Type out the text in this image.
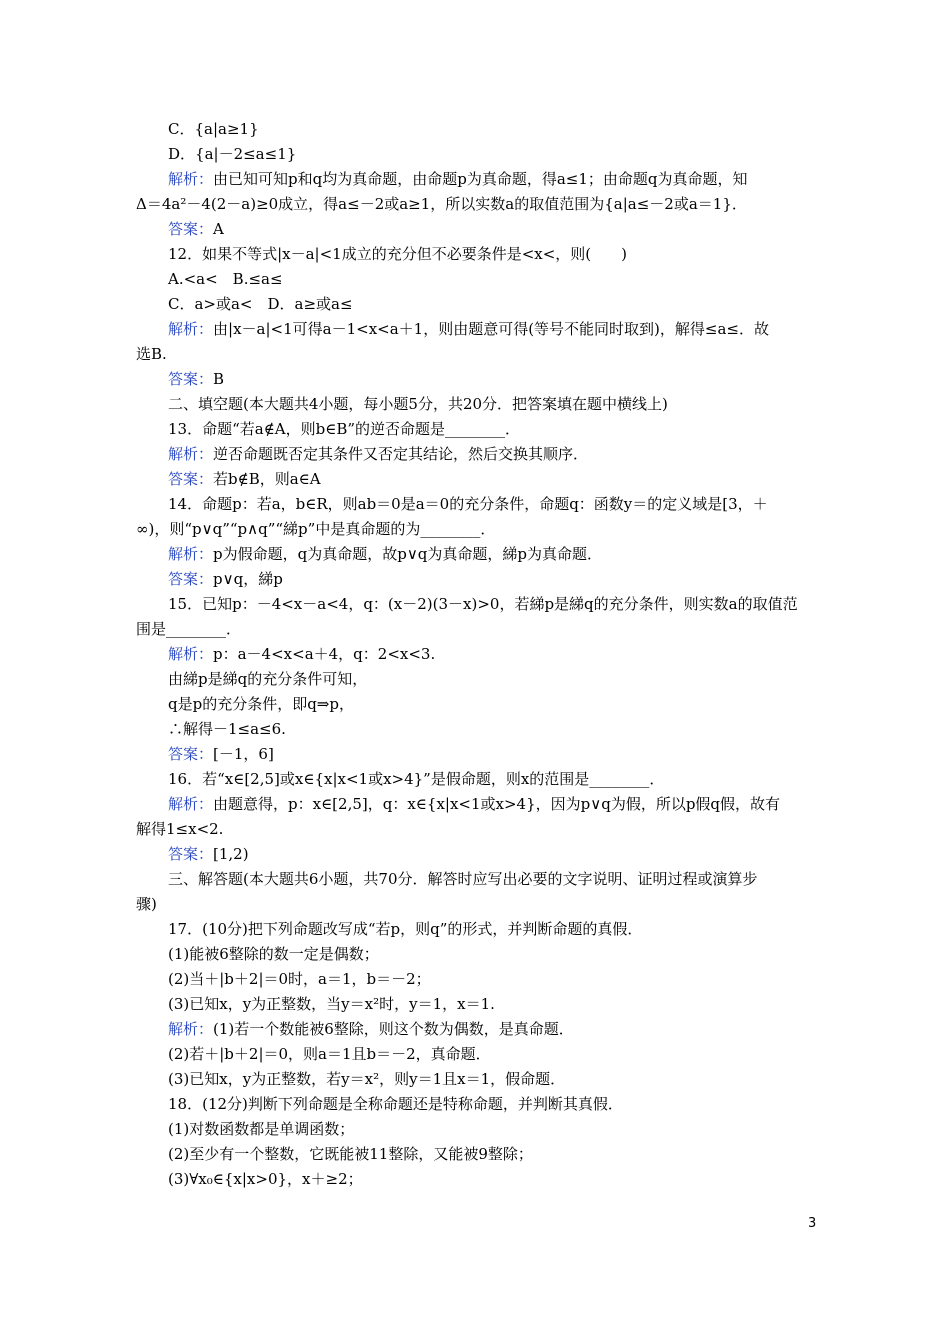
C．{a|a≥1}
D．{a|－2≤a≤1}
解析：由已知可知p和q均为真命题，由命题p为真命题，得a≤1；由命题q为真命题，知
Δ＝4a²－4(2－a)≥0成立，得a≤－2或a≥1，所以实数a的取值范围为{a|a≤－2或a＝1}．
答案：A
12．如果不等式|x－a|<1成立的充分但不必要条件是<x<，则(　　)
A.<a<　B.≤a≤
C．a>或a<　D．a≥或a≤
解析：由|x－a|<1可得a－1<x<a＋1，则由题意可得(等号不能同时取到)，解得≤a≤．故
选B.
答案：B
二、填空题(本大题共4小题，每小题5分，共20分．把答案填在题中横线上)
13．命题“若a∉A，则b∈B”的逆否命题是________．
解析：逆否命题既否定其条件又否定其结论，然后交换其顺序．
答案：若b∉B，则a∈A
14．命题p：若a，b∈R，则ab＝0是a＝0的充分条件，命题q：函数y＝的定义域是[3，＋
∞)，则“p∨q”“p∧q”“綈p”中是真命题的为________．
解析：p为假命题，q为真命题，故p∨q为真命题，綈p为真命题．
答案：p∨q，綈p
15．已知p：－4<x－a<4，q：(x－2)(3－x)>0，若綈p是綈q的充分条件，则实数a的取值范
围是________．
解析：p：a－4<x<a＋4，q：2<x<3.
由綈p是綈q的充分条件可知，
q是p的充分条件，即q⇒p，
∴解得－1≤a≤6.
答案：[－1，6]
16．若“x∈[2,5]或x∈{x|x<1或x>4}”是假命题，则x的范围是________．
解析：由题意得，p：x∈[2,5]，q：x∈{x|x<1或x>4}，因为p∨q为假，所以p假q假，故有
解得1≤x<2.
答案：[1,2)
三、解答题(本大题共6小题，共70分．解答时应写出必要的文字说明、证明过程或演算步
骤)
17．(10分)把下列命题改写成“若p，则q”的形式，并判断命题的真假．
(1)能被6整除的数一定是偶数；
(2)当＋|b＋2|＝0时，a＝1，b＝－2；
(3)已知x，y为正整数，当y＝x²时，y＝1，x＝1.
解析：(1)若一个数能被6整除，则这个数为偶数，是真命题．
(2)若＋|b＋2|＝0，则a＝1且b＝－2，真命题．
(3)已知x，y为正整数，若y＝x²，则y＝1且x＝1，假命题．
18．(12分)判断下列命题是全称命题还是特称命题，并判断其真假．
(1)对数函数都是单调函数；
(2)至少有一个整数，它既能被11整除，又能被9整除；
(3)∀x₀∈{x|x>0}，x＋≥2；
3
